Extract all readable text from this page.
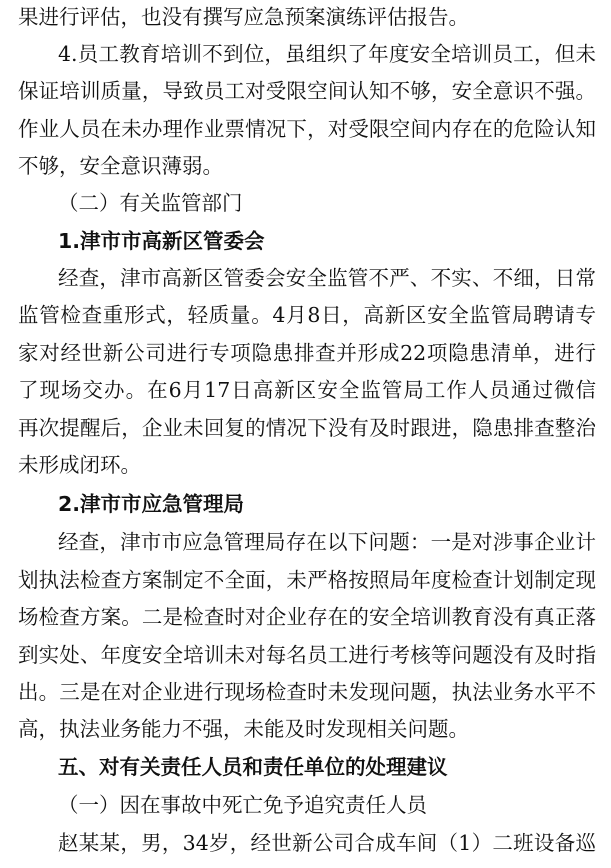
果进行评估，也没有撰写应急预案演练评估报告。
4.员工教育培训不到位，虽组织了年度安全培训员工，但未
保证培训质量，导致员工对受限空间认知不够，安全意识不强。
作业人员在未办理作业票情况下，对受限空间内存在的危险认知
不够，安全意识薄弱。
（二）有关监管部门
1.津市市高新区管委会
经查，津市高新区管委会安全监管不严、不实、不细，日常
监管检查重形式，轻质量。4月8日，高新区安全监管局聘请专
家对经世新公司进行专项隐患排查并形成22项隐患清单，进行
了现场交办。在6月17日高新区安全监管局工作人员通过微信
再次提醒后，企业未回复的情况下没有及时跟进，隐患排查整治
未形成闭环。
2.津市市应急管理局
经查，津市市应急管理局存在以下问题：一是对涉事企业计
划执法检查方案制定不全面，未严格按照局年度检查计划制定现
场检查方案。二是检查时对企业存在的安全培训教育没有真正落
到实处、年度安全培训未对每名员工进行考核等问题没有及时指
出。三是在对企业进行现场检查时未发现问题，执法业务水平不
高，执法业务能力不强，未能及时发现相关问题。
五、对有关责任人员和责任单位的处理建议
（一）因在事故中死亡免予追究责任人员
赵某某，男，34岁，经世新公司合成车间（1）二班设备巡
